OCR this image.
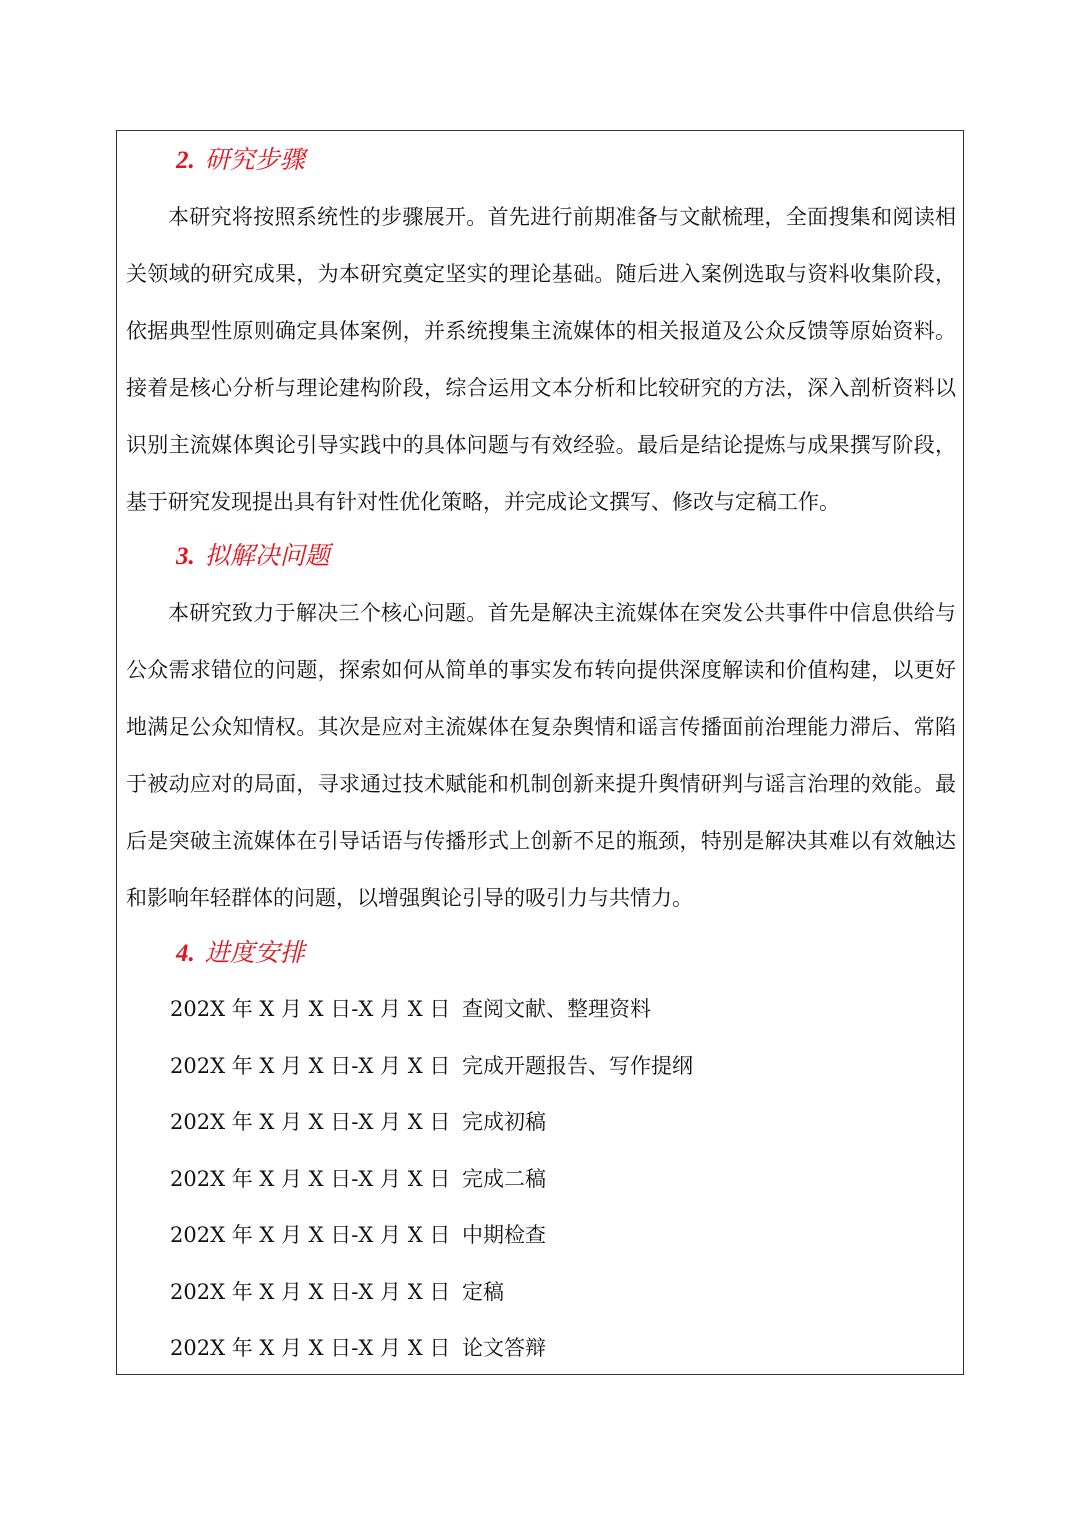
2. 研究步骤

本研究将按照系统性的步骤展开。首先进行前期准备与文献梳理，全面搜集和阅读相关领域的研究成果，为本研究奠定坚实的理论基础。随后进入案例选取与资料收集阶段，依据典型性原则确定具体案例，并系统搜集主流媒体的相关报道及公众反馈等原始资料。接着是核心分析与理论建构阶段，综合运用文本分析和比较研究的方法，深入剖析资料以识别主流媒体舆论引导实践中的具体问题与有效经验。最后是结论提炼与成果撰写阶段，基于研究发现提出具有针对性优化策略，并完成论文撰写、修改与定稿工作。

3. 拟解决问题

本研究致力于解决三个核心问题。首先是解决主流媒体在突发公共事件中信息供给与公众需求错位的问题，探索如何从简单的事实发布转向提供深度解读和价值构建，以更好地满足公众知情权。其次是应对主流媒体在复杂舆情和谣言传播面前治理能力滞后、常陷于被动应对的局面，寻求通过技术赋能和机制创新来提升舆情研判与谣言治理的效能。最后是突破主流媒体在引导话语与传播形式上创新不足的瓶颈，特别是解决其难以有效触达和影响年轻群体的问题，以增强舆论引导的吸引力与共情力。

4. 进度安排
202X 年 X 月 X 日-X 月 X 日 查阅文献、整理资料
202X 年 X 月 X 日-X 月 X 日 完成开题报告、写作提纲
202X 年 X 月 X 日-X 月 X 日 完成初稿
202X 年 X 月 X 日-X 月 X 日 完成二稿
202X 年 X 月 X 日-X 月 X 日 中期检查
202X 年 X 月 X 日-X 月 X 日 定稿
202X 年 X 月 X 日-X 月 X 日 论文答辩
